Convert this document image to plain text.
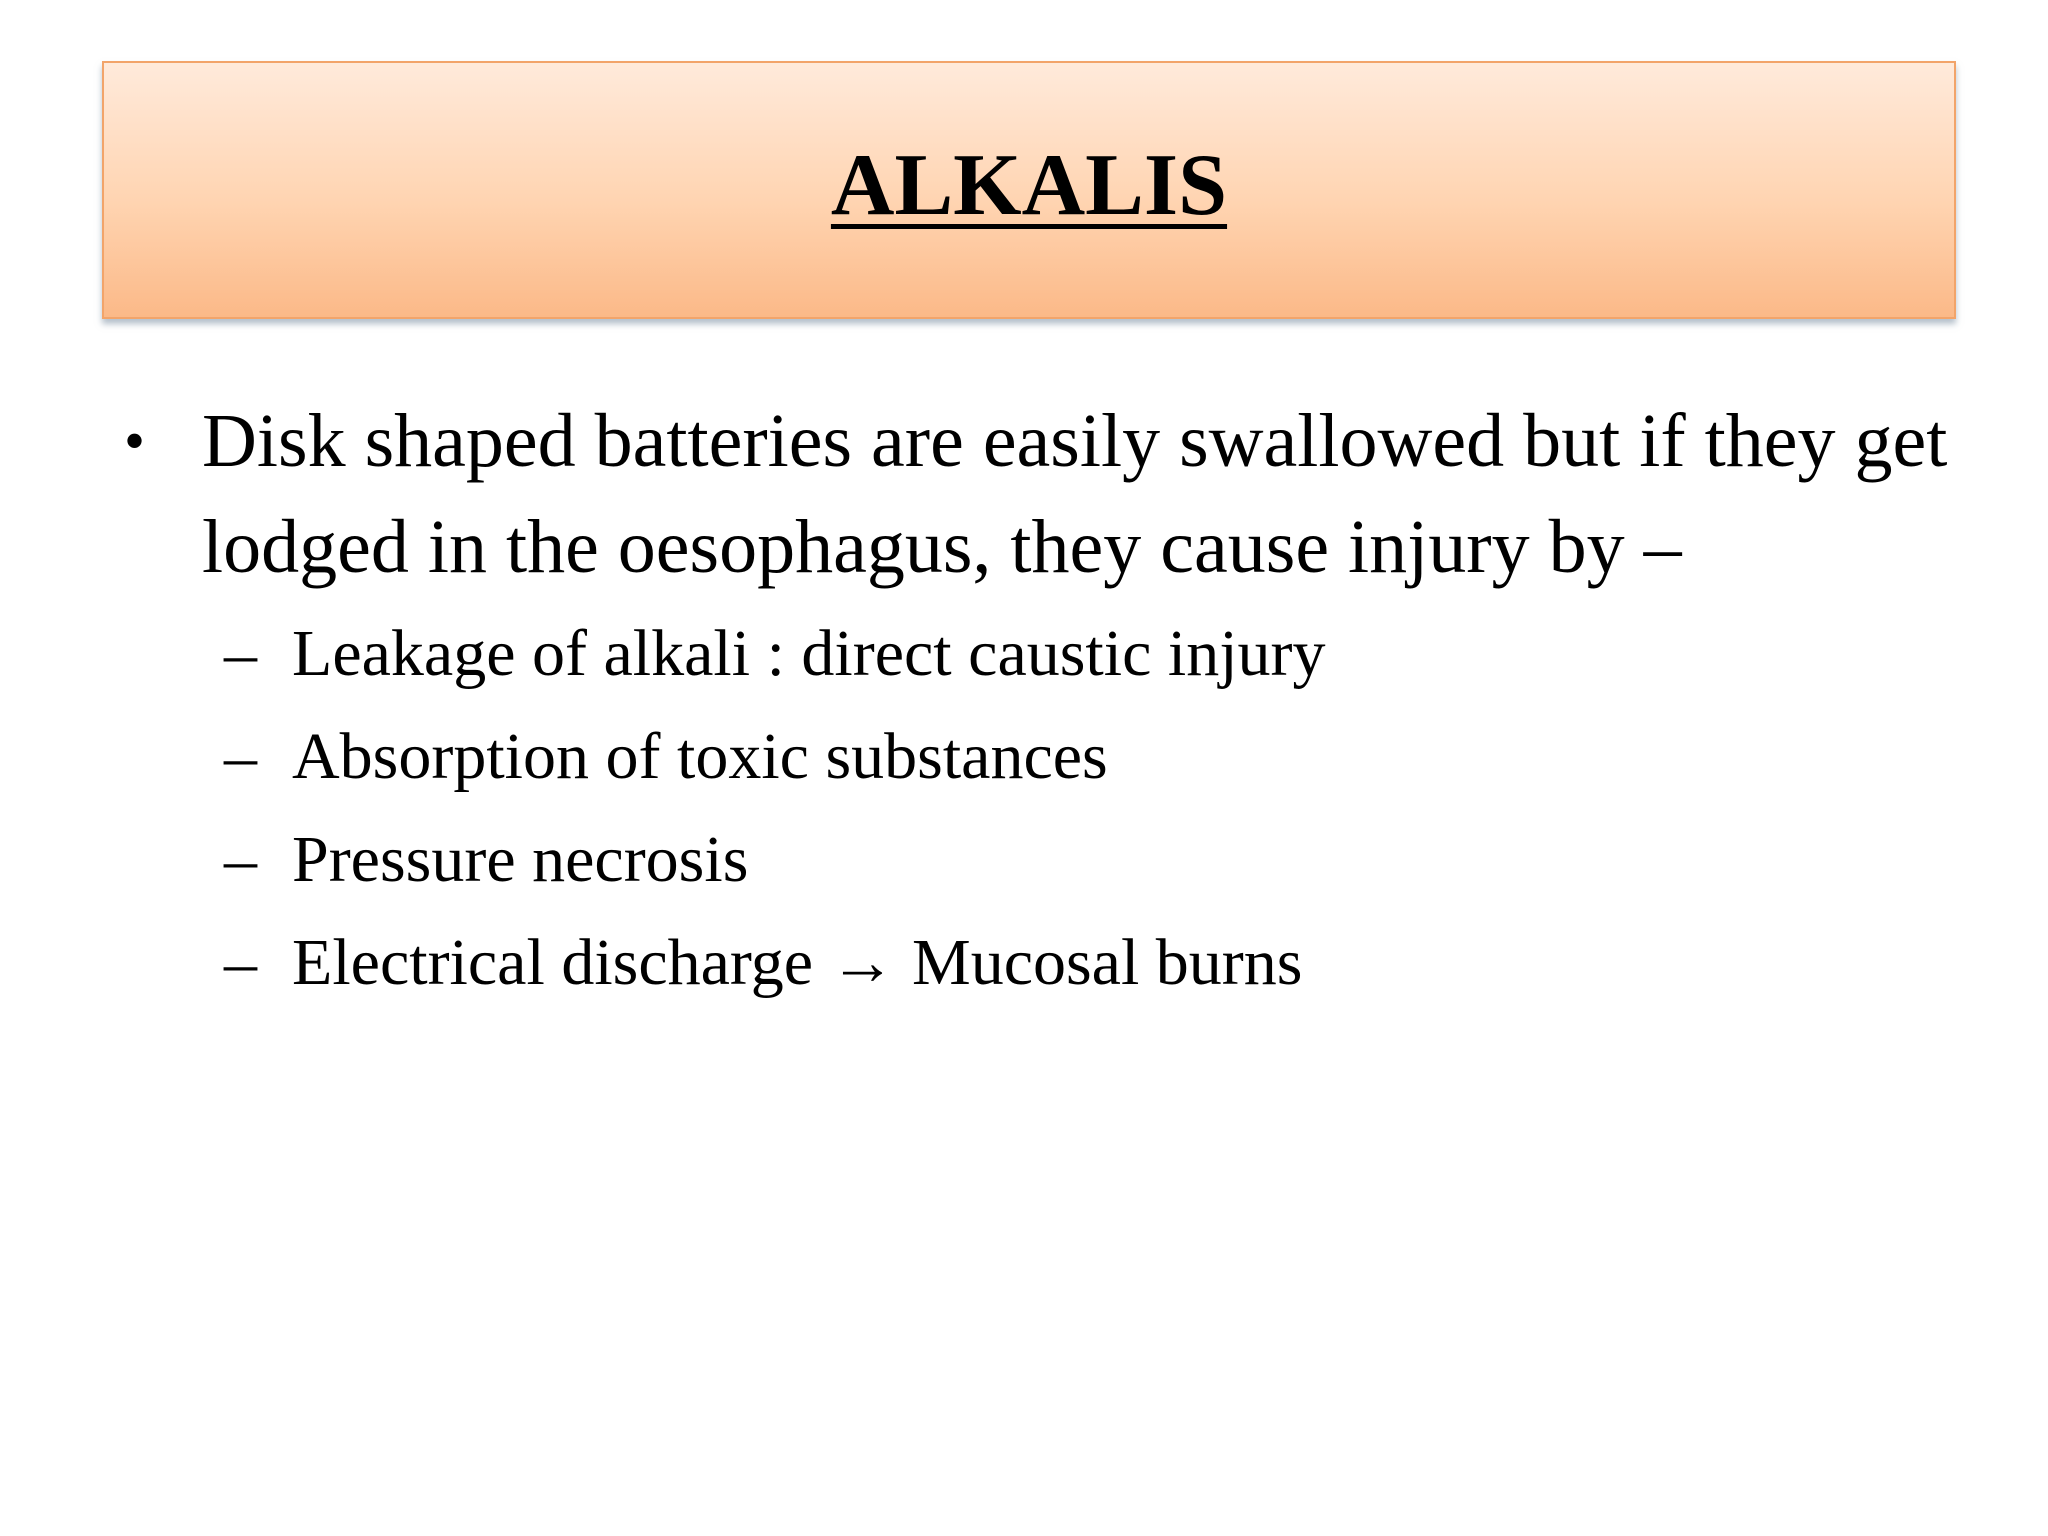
ALKALIS
• Disk shaped batteries are easily swallowed but if they get lodged in the oesophagus, they cause injury by –
– Leakage of alkali : direct caustic injury
– Absorption of toxic substances
– Pressure necrosis
– Electrical discharge → Mucosal burns
